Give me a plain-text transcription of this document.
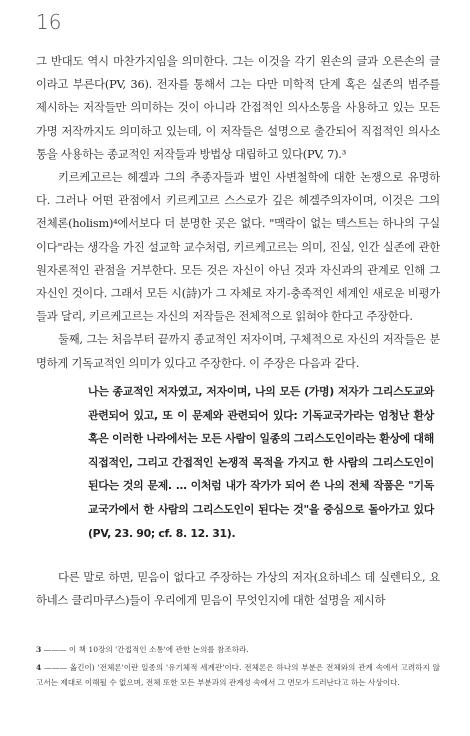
16

그 반대도 역시 마찬가지임을 의미한다. 그는 이것을 각기 왼손의 글과 오른손의 글이라고 부른다(PV, 36). 전자를 통해서 그는 다만 미학적 단계 혹은 실존의 범주를 제시하는 저작들만 의미하는 것이 아니라 간접적인 의사소통을 사용하고 있는 모든 가명 저작까지도 의미하고 있는데, 이 저작들은 설명으로 출간되어 직접적인 의사소통을 사용하는 종교적인 저작들과 방법상 대립하고 있다(PV, 7).³

키르케고르는 헤겔과 그의 추종자들과 벌인 사변철학에 대한 논쟁으로 유명하다. 그러나 어떤 관점에서 키르케고르 스스로가 깊은 헤겔주의자이며, 이것은 그의 전체론(holism)⁴에서보다 더 분명한 곳은 없다. "맥락이 없는 텍스트는 하나의 구실이다"라는 생각을 가진 설교학 교수처럼, 키르케고르는 의미, 진실, 인간 실존에 관한 원자론적인 관점을 거부한다. 모든 것은 자신이 아닌 것과 자신과의 관계로 인해 그 자신인 것이다. 그래서 모든 시(詩)가 그 자체로 자기-충족적인 세계인 새로운 비평가들과 달리, 키르케고르는 자신의 저작들은 전체적으로 읽혀야 한다고 주장한다.

둘째, 그는 처음부터 끝까지 종교적인 저자이며, 구체적으로 자신의 저작들은 분명하게 기독교적인 의미가 있다고 주장한다. 이 주장은 다음과 같다.

나는 종교적인 저자였고, 저자이며, 나의 모든 (가명) 저자가 그리스도교와 관련되어 있고, 또 이 문제와 관련되어 있다: 기독교국가라는 엄청난 환상 혹은 이러한 나라에서는 모든 사람이 일종의 그리스도인이라는 환상에 대해 직접적인, 그리고 간접적인 논쟁적 목적을 가지고 한 사람의 그리스도인이 된다는 것의 문제. … 이처럼 내가 작가가 되어 쓴 나의 전체 작품은 "기독교국가에서 한 사람의 그리스도인이 된다는 것"을 중심으로 돌아가고 있다(PV, 23. 90; cf. 8. 12. 31).

다른 말로 하면, 믿음이 없다고 주장하는 가상의 저자(요하네스 데 실렌티오, 요하네스 클리마쿠스)들이 우리에게 믿음이 무엇인지에 대한 설명을 제시하

3 ——— 이 책 10장의 '간접적인 소통'에 관한 논의를 참조하라.

4 ——— 옮긴이) '전체론'이란 일종의 '유기체적 세계관'이다. 전체론은 하나의 부분은 전체와의 관계 속에서 고려하지 않고서는 제대로 이해될 수 없으며, 전체 또한 모든 부분과의 관계성 속에서 그 면모가 드러난다고 하는 사상이다.
